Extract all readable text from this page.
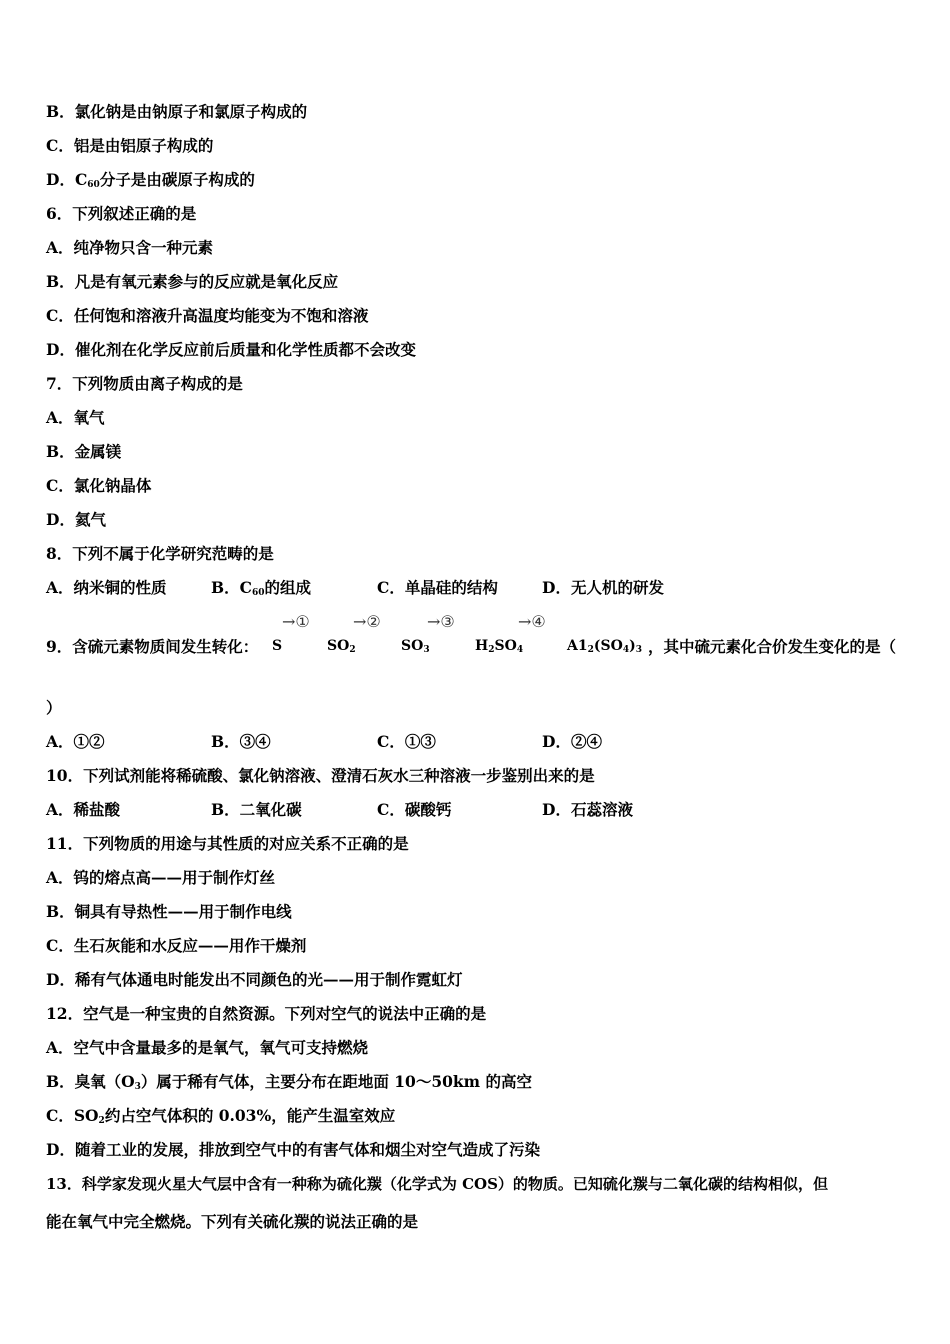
B．氯化钠是由钠原子和氯原子构成的
C．铝是由铝原子构成的
D．$C_{60}$分子是由碳原子构成的
6．下列叙述正确的是
A．纯净物只含一种元素
B．凡是有氧元素参与的反应就是氧化反应
C．任何饱和溶液升高温度均能变为不饱和溶液
D．催化剂在化学反应前后质量和化学性质都不会改变
7．下列物质由离子构成的是
A．氧气
B．金属镁
C．氯化钠晶体
D．氦气
8．下列不属于化学研究范畴的是
A．纳米铜的性质	B．$C_{60}$的组成	C．单晶硅的结构	D．无人机的研发
9．含硫元素物质间发生转化： S
→①
$SO_2$
→②
$SO_3$
→③
$H_2SO_4$
→④
$A1_2(SO_4)_3$ ，其中硫元素化合价发生变化的是（
）
A．①②	B．③④	C．①③	D．②④
10．下列试剂能将稀硫酸、氯化钠溶液、澄清石灰水三种溶液一步鉴别出来的是
A．稀盐酸	B．二氧化碳	C．碳酸钙	D．石蕊溶液
11．下列物质的用途与其性质的对应关系不正确的是
A．钨的熔点高——用于制作灯丝
B．铜具有导热性——用于制作电线
C．生石灰能和水反应——用作干燥剂
D．稀有气体通电时能发出不同颜色的光——用于制作霓虹灯
12．空气是一种宝贵的自然资源。下列对空气的说法中正确的是
A．空气中含量最多的是氧气，氧气可支持燃烧
B．臭氧$(O_3)$属于稀有气体，主要分布在距地面 10～50km 的高空
C．$SO_2$约占空气体积的 0.03%，能产生温室效应
D．随着工业的发展，排放到空气中的有害气体和烟尘对空气造成了污染
13．科学家发现火星大气层中含有一种称为硫化羰（化学式为 COS）的物质。已知硫化羰与二氧化碳的结构相似，但
能在氧气中完全燃烧。下列有关硫化羰的说法正确的是
